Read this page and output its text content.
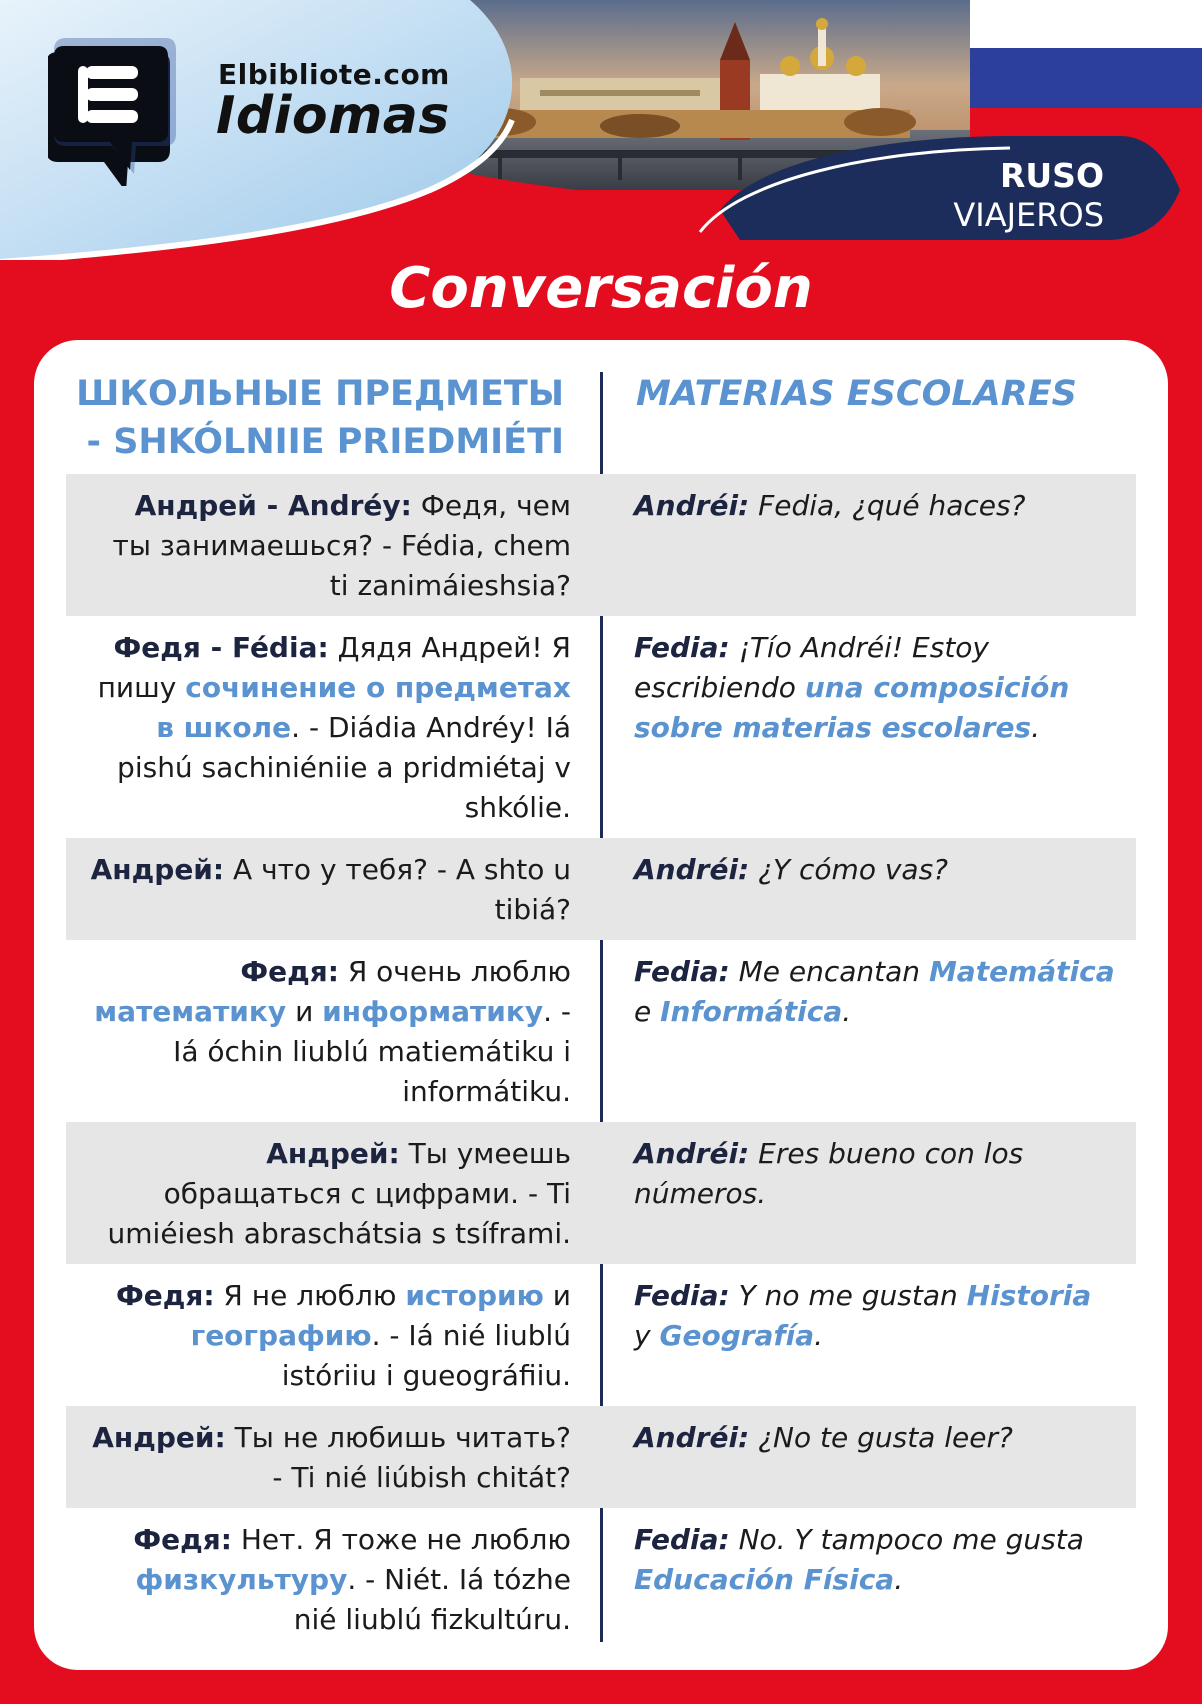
Elbibliote.com
Idiomas
RUSO
VIAJEROS
Conversación
ШКОЛЬНЫЕ ПРЕДМЕТЫ - SHKÓLNIIE PRIEDMIÉTI
MATERIAS ESCOLARES
Андрей - Andréy: Федя, чем ты занимаешься? - Fédia, chem ti zanimáieshsia?
Andréi: Fedia, ¿qué haces?
Федя - Fédia: Дядя Андрей! Я пишу сочинение о предметах в школе. - Diádia Andréy! Iá pishú sachiniéniie a pridmiétaj v shkólie.
Fedia: ¡Tío Andréi! Estoy escribiendo una composición sobre materias escolares.
Андрей: А что у тебя? - A shto u tibiá?
Andréi: ¿Y cómo vas?
Федя: Я очень люблю математику и информатику. - Iá óchin liublú matiemátiku i informátiku.
Fedia: Me encantan Matemática e Informática.
Андрей: Ты умеешь обращаться с цифрами. - Ti umiéiesh abraschátsia s tsíframi.
Andréi: Eres bueno con los números.
Федя: Я не люблю историю и географию. - Iá nié liublú istóriiu i gueográfiiu.
Fedia: Y no me gustan Historia y Geografía.
Андрей: Ты не любишь читать? - Ti nié liúbish chitát?
Andréi: ¿No te gusta leer?
Федя: Нет. Я тоже не люблю физкультуру. - Niét. Iá tózhe nié liublú fizkultúru.
Fedia: No. Y tampoco me gusta Educación Física.
